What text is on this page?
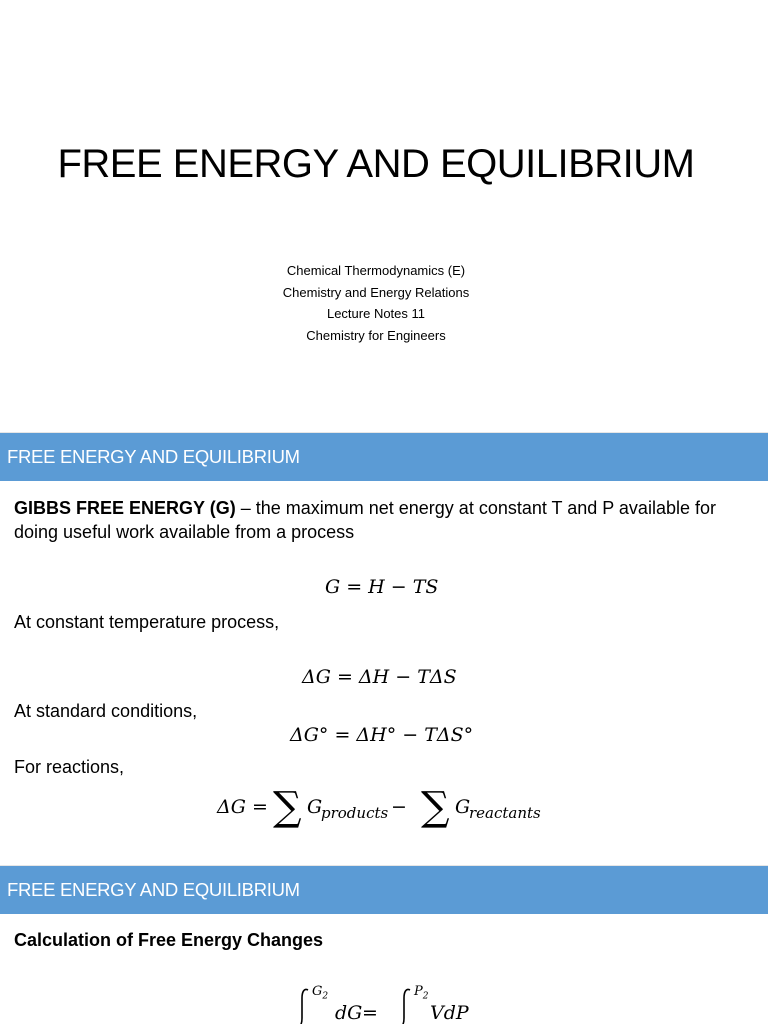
FREE ENERGY AND EQUILIBRIUM
Chemical Thermodynamics (E)
Chemistry and Energy Relations
Lecture Notes 11
Chemistry for Engineers
FREE ENERGY AND EQUILIBRIUM
GIBBS FREE ENERGY (G) – the maximum net energy at constant T and P available for doing useful work available from a process
G = H − TS
At constant temperature process,
ΔG = ΔH − TΔS
At standard conditions,
ΔG° = ΔH° − TΔS°
For reactions,
ΔG = ∑ G
products − ∑ G
reactants
FREE ENERGY AND EQUILIBRIUM
Calculation of Free Energy Changes
$G_2$
dG =
$P_2$
VdP
